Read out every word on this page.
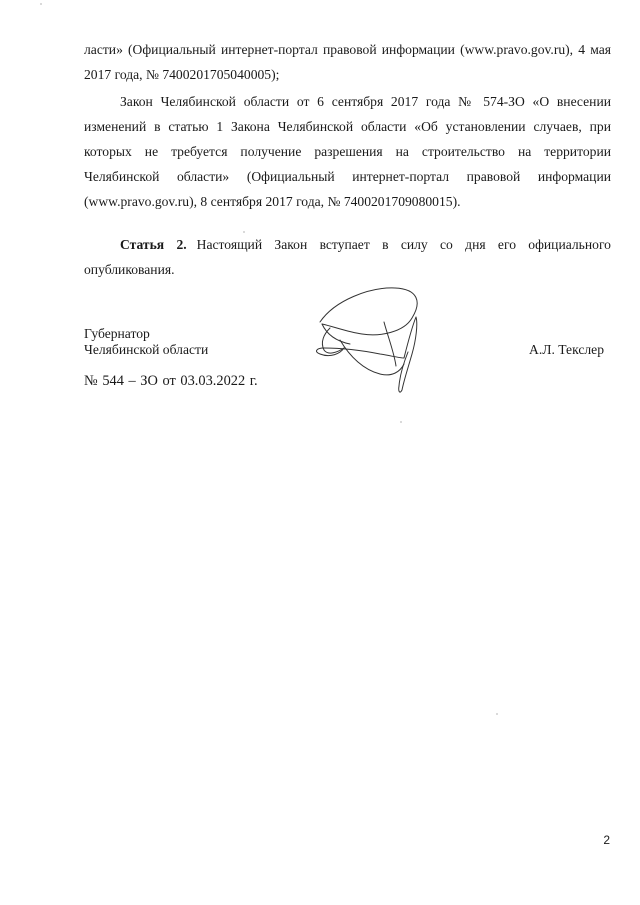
ласти» (Официальный интернет-портал правовой информации (www.pravo.gov.ru), 4 мая 2017 года, № 7400201705040005);

Закон Челябинской области от 6 сентября 2017 года № 574-ЗО «О внесении изменений в статью 1 Закона Челябинской области «Об установлении случаев, при которых не требуется получение разрешения на строительство на территории Челябинской области» (Официальный интернет-портал правовой информации (www.pravo.gov.ru), 8 сентября 2017 года, № 7400201709080015).

Статья 2. Настоящий Закон вступает в силу со дня его официального опубликования.

Губернатор
Челябинской области	А.Л. Текслер
№ 544 – ЗО от 03.03.2022 г.
2
